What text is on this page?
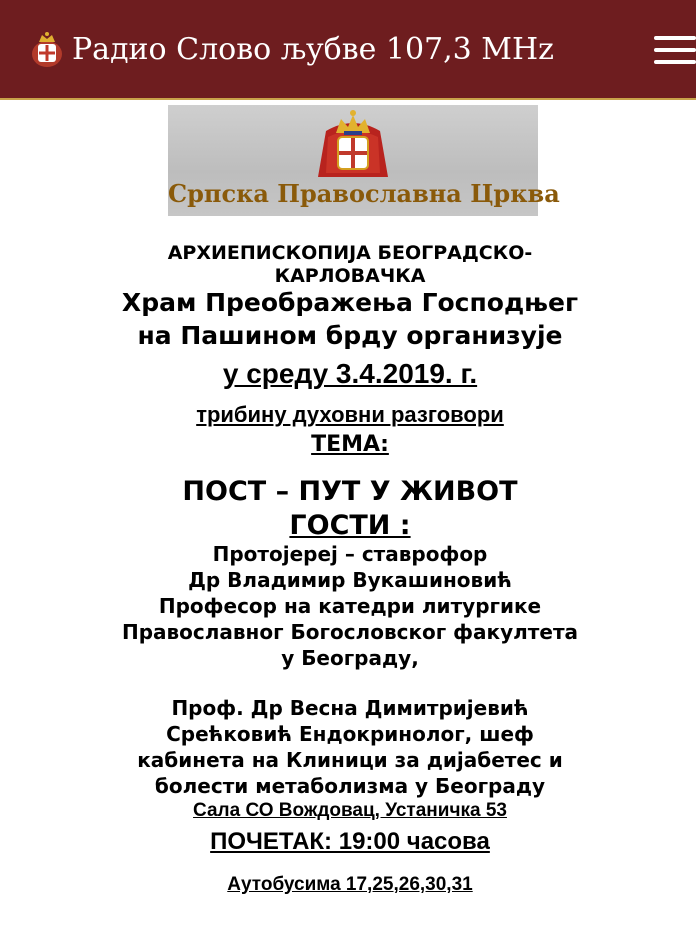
Радио Слово љубве 107,3 MHz
Српска Православна Црква
АРХИЕПИСКОПИЈА БЕОГРАДСКО-
КАРЛОВАЧКА
Храм Преображења Господњег
на Пашином брду организује
у среду 3.4.2019. г.
трибину духовни разговори
ТЕМА:
ПОСТ – ПУТ У ЖИВОТ
ГОСТИ :
Протојереј – ставрофор
Др Владимир Вукашиновић
Професор на катедри литургике
Православног Богословског факултета
у Београду,
Проф. Др Весна Димитријевић
Срећковић Ендокринолог, шеф
кабинета на Клиници за дијабетес и
болести метаболизма у Београду
Сала СО Вождовац, Устаничка 53
ПОЧЕТАК: 19:00 часова
Аутобусима 17,25,26,30,31
